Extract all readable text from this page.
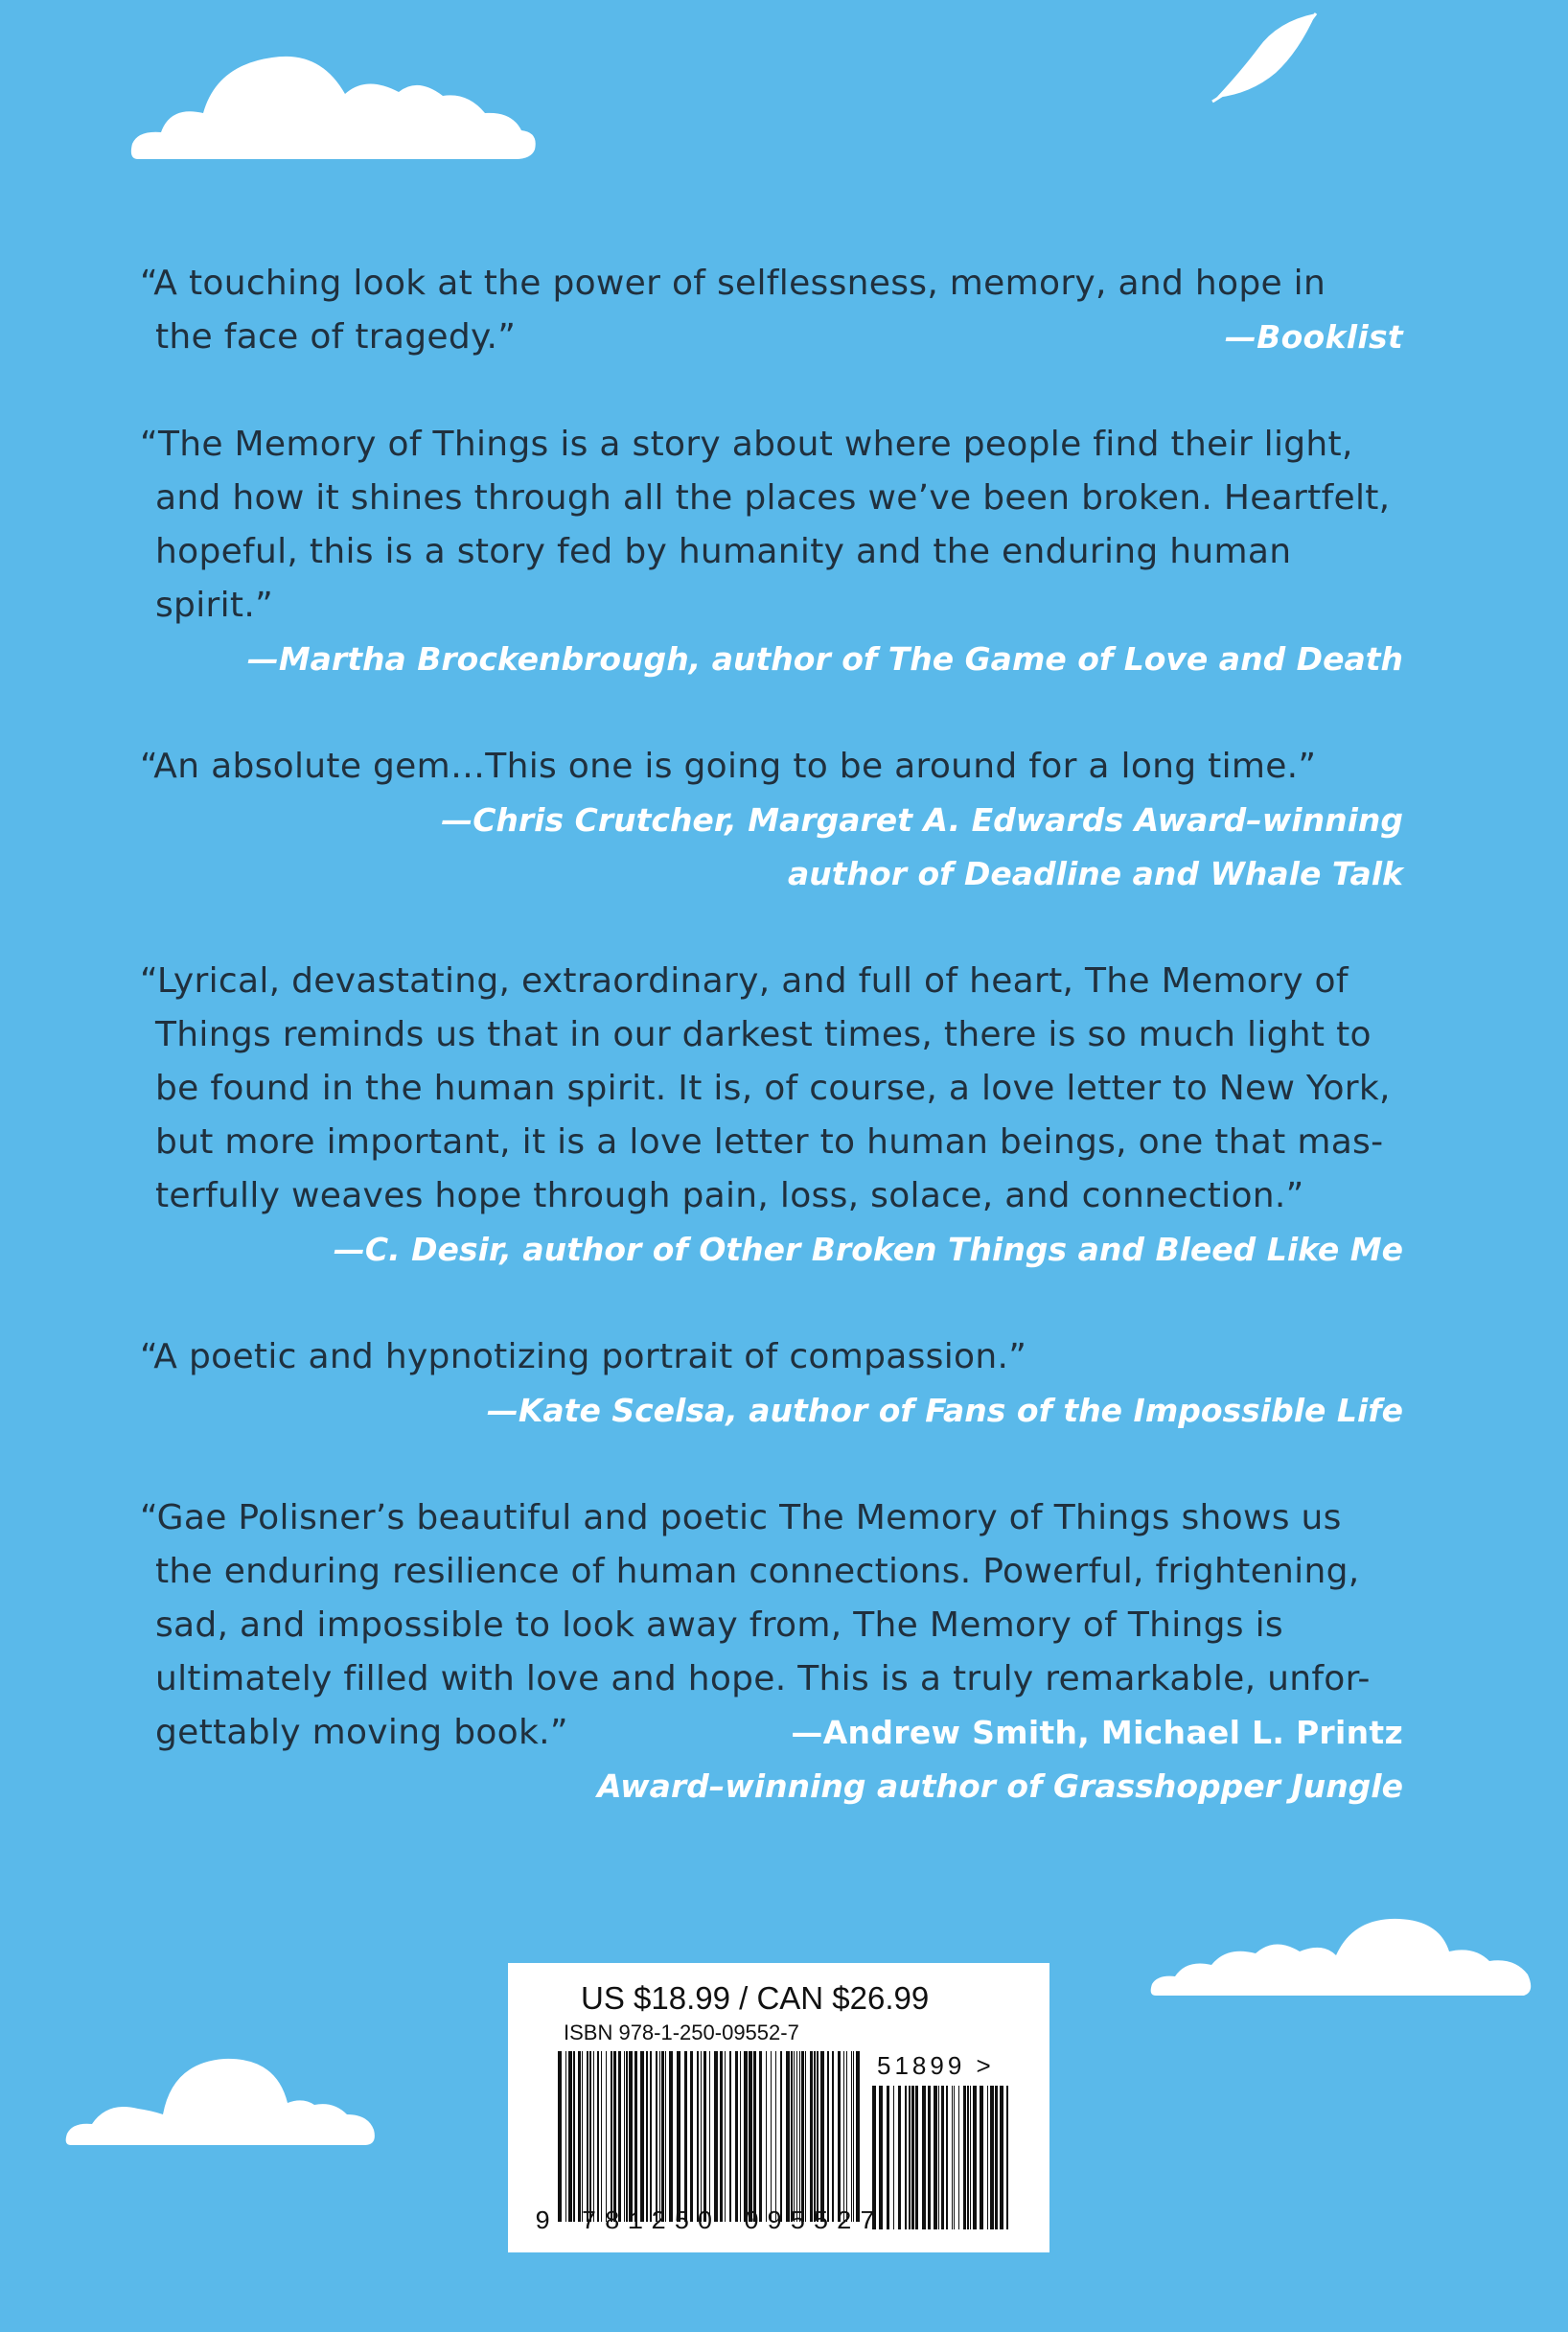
“A touching look at the power of selflessness, memory, and hope in
the face of tragedy.”	—Booklist

“The Memory of Things is a story about where people find their light,
and how it shines through all the places we’ve been broken. Heartfelt,
hopeful, this is a story fed by humanity and the enduring human spirit.”

—Martha Brockenbrough, author of The Game of Love and Death

“An absolute gem…This one is going to be around for a long time.”

—Chris Crutcher, Margaret A. Edwards Award–winning
author of Deadline and Whale Talk

“Lyrical, devastating, extraordinary, and full of heart, The Memory of
Things reminds us that in our darkest times, there is so much light to
be found in the human spirit. It is, of course, a love letter to New York,
but more important, it is a love letter to human beings, one that mas-
terfully weaves hope through pain, loss, solace, and connection.”

—C. Desir, author of Other Broken Things and Bleed Like Me

“A poetic and hypnotizing portrait of compassion.”

—Kate Scelsa, author of Fans of the Impossible Life

“Gae Polisner’s beautiful and poetic The Memory of Things shows us
the enduring resilience of human connections. Powerful, frightening,
sad, and impossible to look away from, The Memory of Things is
ultimately filled with love and hope. This is a truly remarkable, unfor-
gettably moving book.”	—Andrew Smith, Michael L. Printz

Award–winning author of Grasshopper Jungle

US $18.99 / CAN $26.99
ISBN 978-1-250-09552-7
51899 >
9 781250 095527
